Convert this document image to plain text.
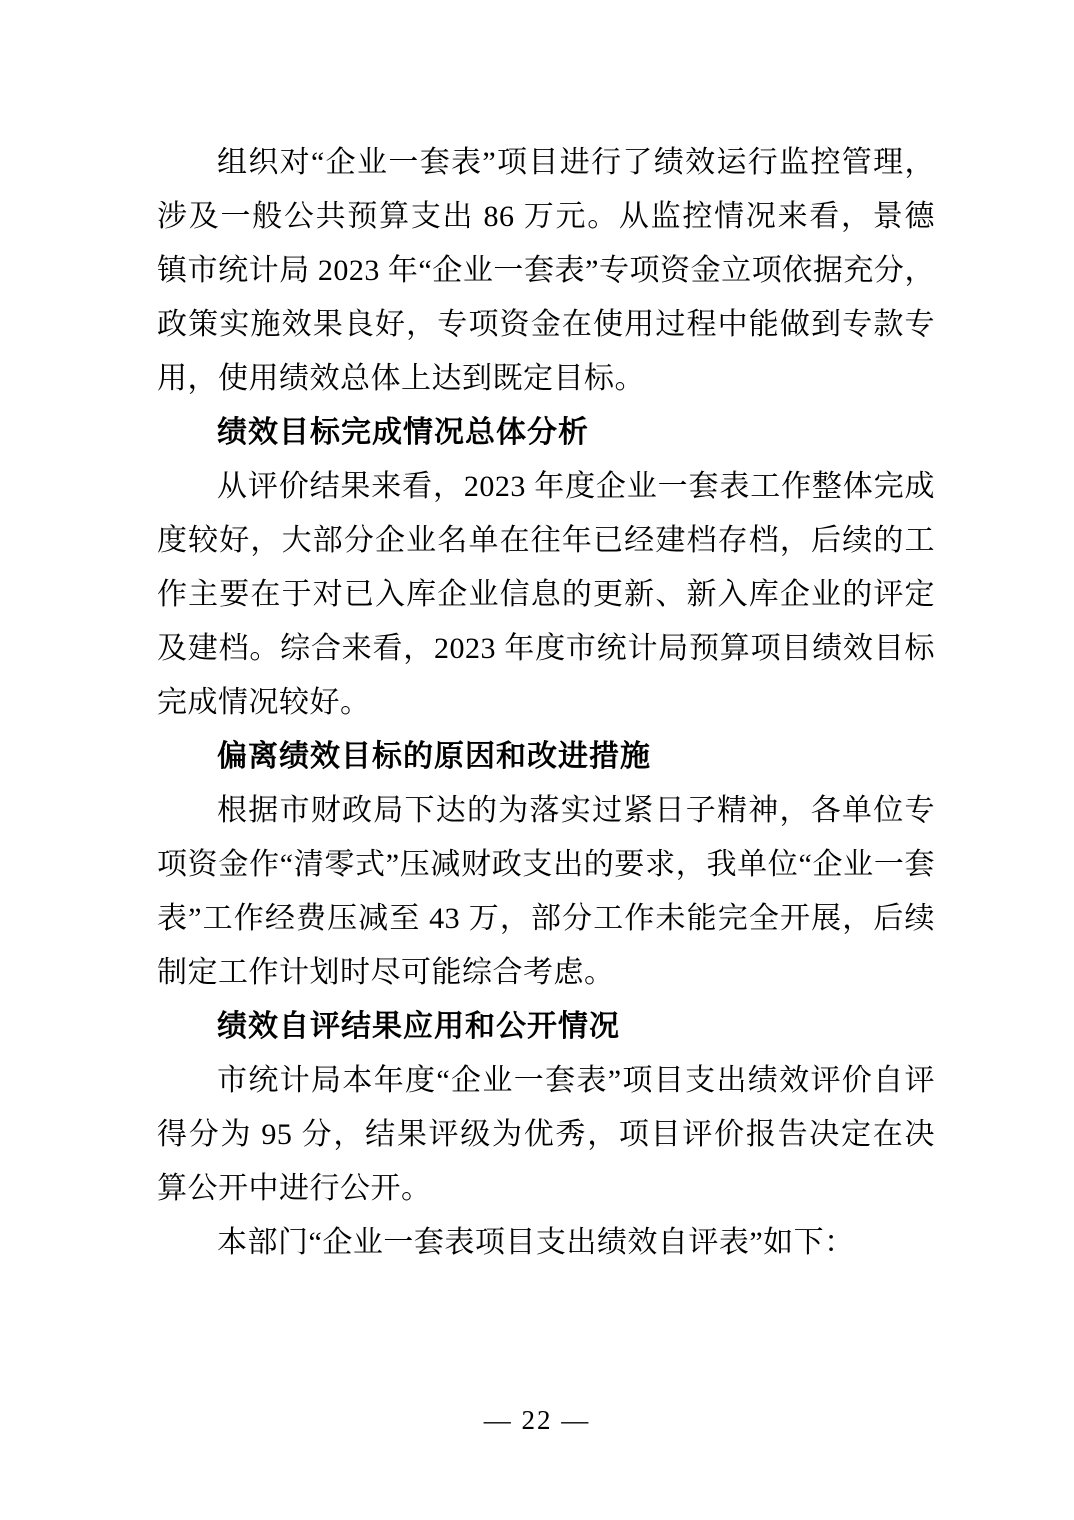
组织对“企业一套表”项目进行了绩效运行监控管理，涉及一般公共预算支出 86 万元。从监控情况来看，景德镇市统计局 2023 年“企业一套表”专项资金立项依据充分，政策实施效果良好，专项资金在使用过程中能做到专款专用，使用绩效总体上达到既定目标。

绩效目标完成情况总体分析

从评价结果来看，2023 年度企业一套表工作整体完成度较好，大部分企业名单在往年已经建档存档，后续的工作主要在于对已入库企业信息的更新、新入库企业的评定及建档。综合来看，2023 年度市统计局预算项目绩效目标完成情况较好。

偏离绩效目标的原因和改进措施

根据市财政局下达的为落实过紧日子精神，各单位专项资金作“清零式”压减财政支出的要求，我单位“企业一套表”工作经费压减至 43 万，部分工作未能完全开展，后续制定工作计划时尽可能综合考虑。

绩效自评结果应用和公开情况

市统计局本年度“企业一套表”项目支出绩效评价自评得分为 95 分，结果评级为优秀，项目评价报告决定在决算公开中进行公开。

本部门“企业一套表项目支出绩效自评表”如下：

— 22 —
